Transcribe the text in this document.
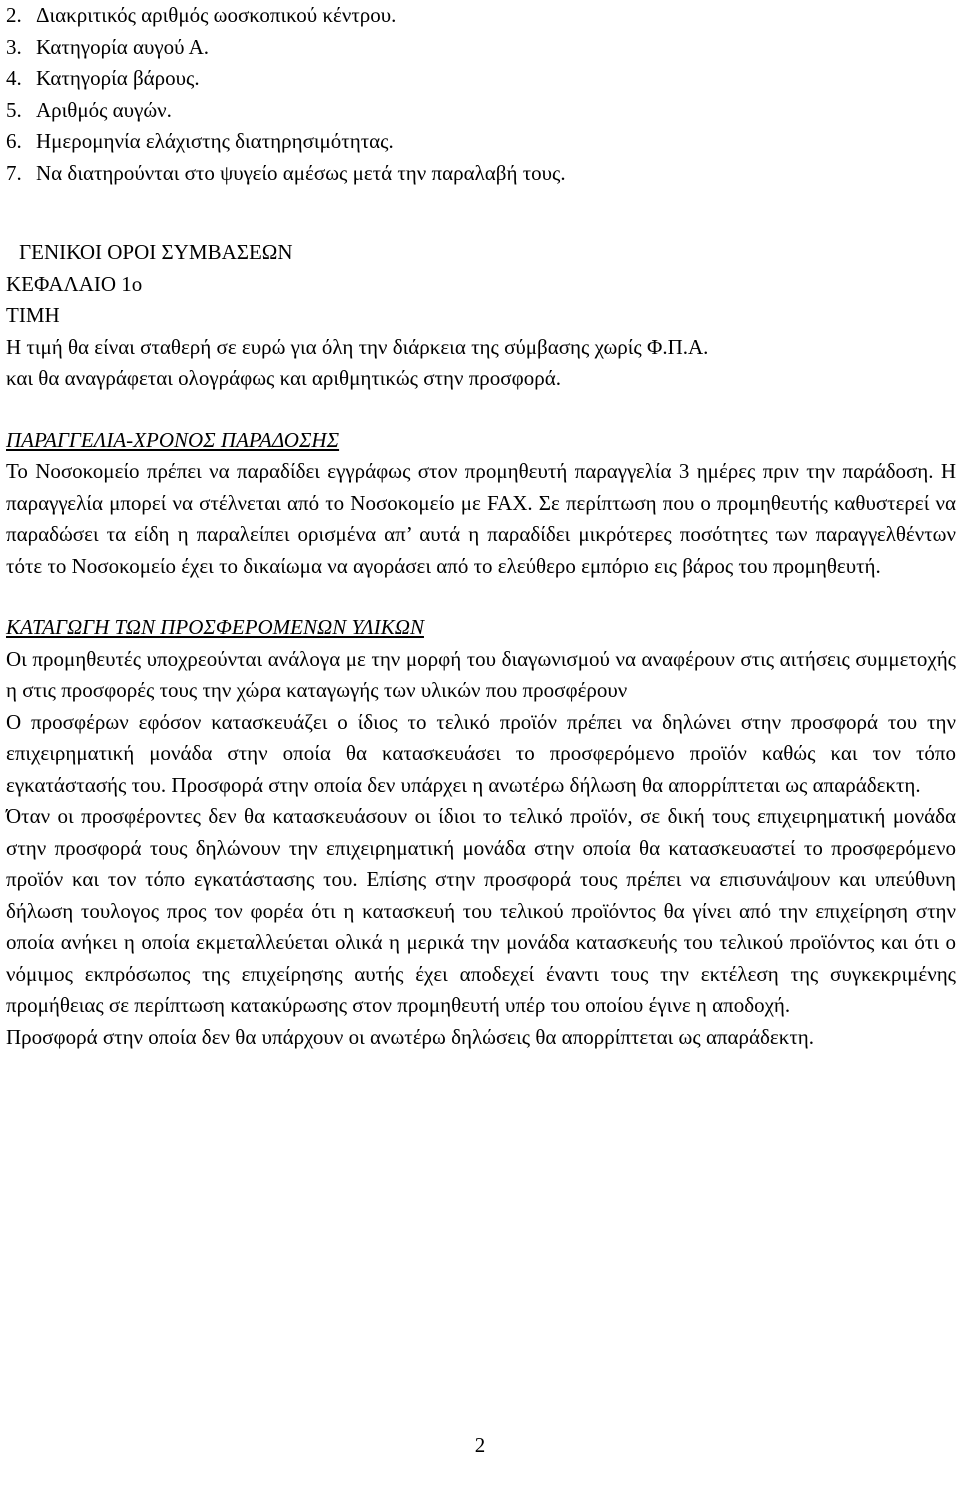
2. Διακριτικός αριθμός ωοσκοπικού κέντρου.
3. Κατηγορία αυγού Α.
4. Κατηγορία βάρους.
5. Αριθμός αυγών.
6. Ημερομηνία ελάχιστης διατηρησιμότητας.
7. Να διατηρούνται στο ψυγείο αμέσως μετά την παραλαβή τους.
ΓΕΝΙΚΟΙ ΟΡΟΙ ΣΥΜΒΑΣΕΩΝ
ΚΕΦΑΛΑΙΟ 1ο
ΤΙΜΗ
Η τιμή θα είναι σταθερή σε ευρώ για όλη την διάρκεια της σύμβασης χωρίς Φ.Π.Α.
και θα αναγράφεται ολογράφως και αριθμητικώς στην προσφορά.
ΠΑΡΑΓΓΕΛΙΑ-ΧΡΟΝΟΣ ΠΑΡΑΔΟΣΗΣ
Το Νοσοκομείο πρέπει να παραδίδει εγγράφως στον προμηθευτή παραγγελία 3 ημέρες πριν την παράδοση. Η παραγγελία μπορεί να στέλνεται από το Νοσοκομείο με FAX. Σε περίπτωση που ο προμηθευτής καθυστερεί να παραδώσει τα είδη η παραλείπει ορισμένα απ’ αυτά η παραδίδει μικρότερες ποσότητες των παραγγελθέντων τότε το Νοσοκομείο έχει το δικαίωμα να αγοράσει από το ελεύθερο εμπόριο εις βάρος του προμηθευτή.
ΚΑΤΑΓΩΓΗ ΤΩΝ ΠΡΟΣΦΕΡΟΜΕΝΩΝ ΥΛΙΚΩΝ
Οι προμηθευτές υποχρεούνται ανάλογα με την μορφή του διαγωνισμού να αναφέρουν στις αιτήσεις συμμετοχής η στις προσφορές τους την χώρα καταγωγής των υλικών που προσφέρουν
Ο προσφέρων εφόσον κατασκευάζει ο ίδιος το τελικό προϊόν πρέπει να δηλώνει στην προσφορά του την επιχειρηματική μονάδα στην οποία θα κατασκευάσει το προσφερόμενο προϊόν καθώς και τον τόπο εγκατάστασής του. Προσφορά στην οποία δεν υπάρχει η ανωτέρω δήλωση θα απορρίπτεται ως απαράδεκτη.
Όταν οι προσφέροντες δεν θα κατασκευάσουν οι ίδιοι το τελικό προϊόν, σε δική τους επιχειρηματική μονάδα στην προσφορά τους δηλώνουν την επιχειρηματική μονάδα στην οποία θα κατασκευαστεί το προσφερόμενο προϊόν και τον τόπο εγκατάστασης του. Επίσης στην προσφορά τους πρέπει να επισυνάψουν και υπεύθυνη δήλωση τουλογος προς τον φορέα ότι η κατασκευή του τελικού προϊόντος θα γίνει από την επιχείρηση στην οποία ανήκει η οποία εκμεταλλεύεται ολικά η μερικά την μονάδα κατασκευής του τελικού προϊόντος και ότι ο νόμιμος εκπρόσωπος της επιχείρησης αυτής έχει αποδεχεί έναντι τους την εκτέλεση της συγκεκριμένης προμήθειας σε περίπτωση κατακύρωσης στον προμηθευτή υπέρ του οποίου έγινε η αποδοχή.
Προσφορά στην οποία δεν θα υπάρχουν οι ανωτέρω δηλώσεις θα απορρίπτεται ως απαράδεκτη.
2
